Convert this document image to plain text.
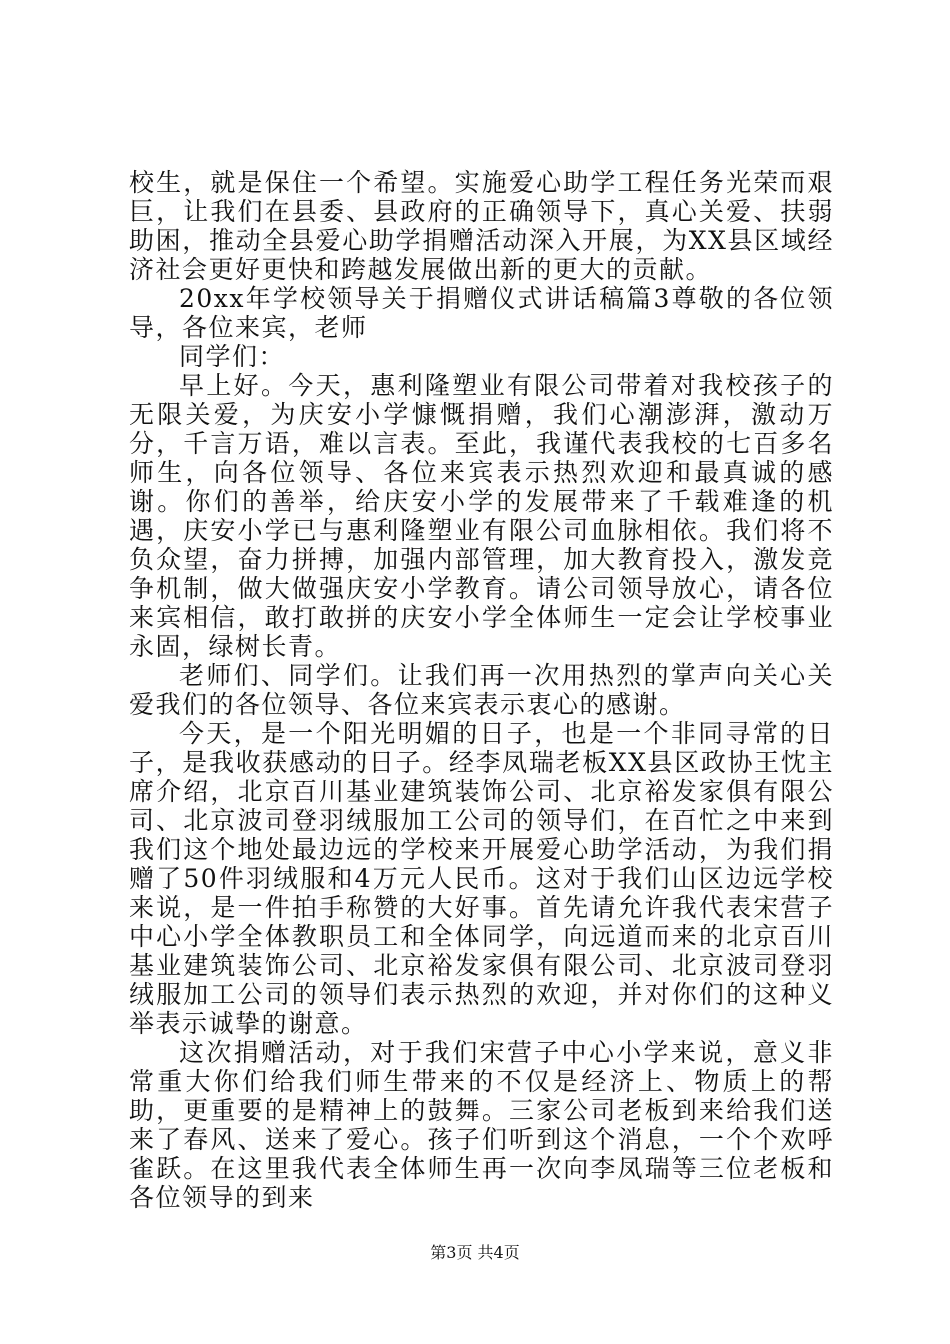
校生，就是保住一个希望。实施爱心助学工程任务光荣而艰巨，让我们在县委、县政府的正确领导下，真心关爱、扶弱助困，推动全县爱心助学捐赠活动深入开展，为XX县区域经济社会更好更快和跨越发展做出新的更大的贡献。

20xx年学校领导关于捐赠仪式讲话稿篇3尊敬的各位领导，各位来宾，老师

同学们：

早上好。今天，惠利隆塑业有限公司带着对我校孩子的无限关爱，为庆安小学慷慨捐赠，我们心潮澎湃，激动万分，千言万语，难以言表。至此，我谨代表我校的七百多名师生，向各位领导、各位来宾表示热烈欢迎和最真诚的感谢。你们的善举，给庆安小学的发展带来了千载难逢的机遇，庆安小学已与惠利隆塑业有限公司血脉相依。我们将不负众望，奋力拼搏，加强内部管理，加大教育投入，激发竞争机制，做大做强庆安小学教育。请公司领导放心，请各位来宾相信，敢打敢拼的庆安小学全体师生一定会让学校事业永固，绿树长青。

老师们、同学们。让我们再一次用热烈的掌声向关心关爱我们的各位领导、各位来宾表示衷心的感谢。

今天，是一个阳光明媚的日子，也是一个非同寻常的日子，是我收获感动的日子。经李凤瑞老板XX县区政协王忱主席介绍，北京百川基业建筑装饰公司、北京裕发家俱有限公司、北京波司登羽绒服加工公司的领导们，在百忙之中来到我们这个地处最边远的学校来开展爱心助学活动，为我们捐赠了50件羽绒服和4万元人民币。这对于我们山区边远学校来说，是一件拍手称赞的大好事。首先请允许我代表宋营子中心小学全体教职员工和全体同学，向远道而来的北京百川基业建筑装饰公司、北京裕发家俱有限公司、北京波司登羽绒服加工公司的领导们表示热烈的欢迎，并对你们的这种义举表示诚挚的谢意。

这次捐赠活动，对于我们宋营子中心小学来说，意义非常重大你们给我们师生带来的不仅是经济上、物质上的帮助，更重要的是精神上的鼓舞。三家公司老板到来给我们送来了春风、送来了爱心。孩子们听到这个消息，一个个欢呼雀跃。在这里我代表全体师生再一次向李凤瑞等三位老板和各位领导的到来

第3页 共4页
